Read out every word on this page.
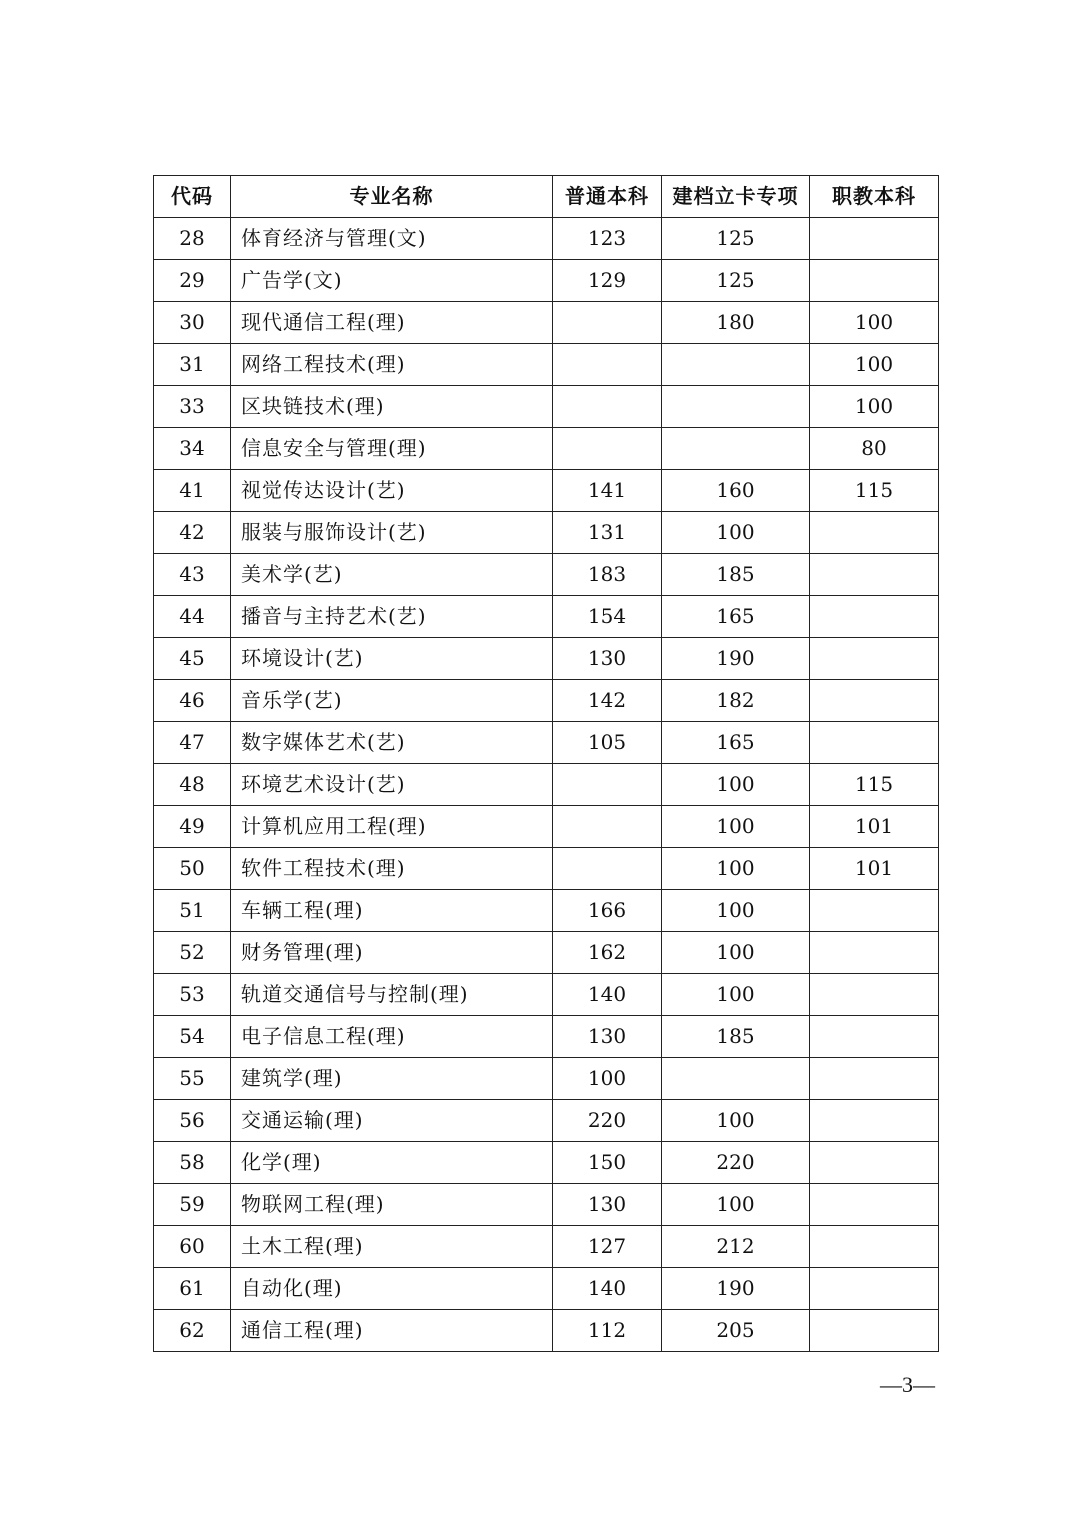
代码	专业名称	普通本科	建档立卡专项	职教本科
28	体育经济与管理(文)	123	125	
29	广告学(文)	129	125	
30	现代通信工程(理)		180	100
31	网络工程技术(理)			100
33	区块链技术(理)			100
34	信息安全与管理(理)			80
41	视觉传达设计(艺)	141	160	115
42	服装与服饰设计(艺)	131	100	
43	美术学(艺)	183	185	
44	播音与主持艺术(艺)	154	165	
45	环境设计(艺)	130	190	
46	音乐学(艺)	142	182	
47	数字媒体艺术(艺)	105	165	
48	环境艺术设计(艺)		100	115
49	计算机应用工程(理)		100	101
50	软件工程技术(理)		100	101
51	车辆工程(理)	166	100	
52	财务管理(理)	162	100	
53	轨道交通信号与控制(理)	140	100	
54	电子信息工程(理)	130	185	
55	建筑学(理)	100		
56	交通运输(理)	220	100	
58	化学(理)	150	220	
59	物联网工程(理)	130	100	
60	土木工程(理)	127	212	
61	自动化(理)	140	190	
62	通信工程(理)	112	205	
—3—
